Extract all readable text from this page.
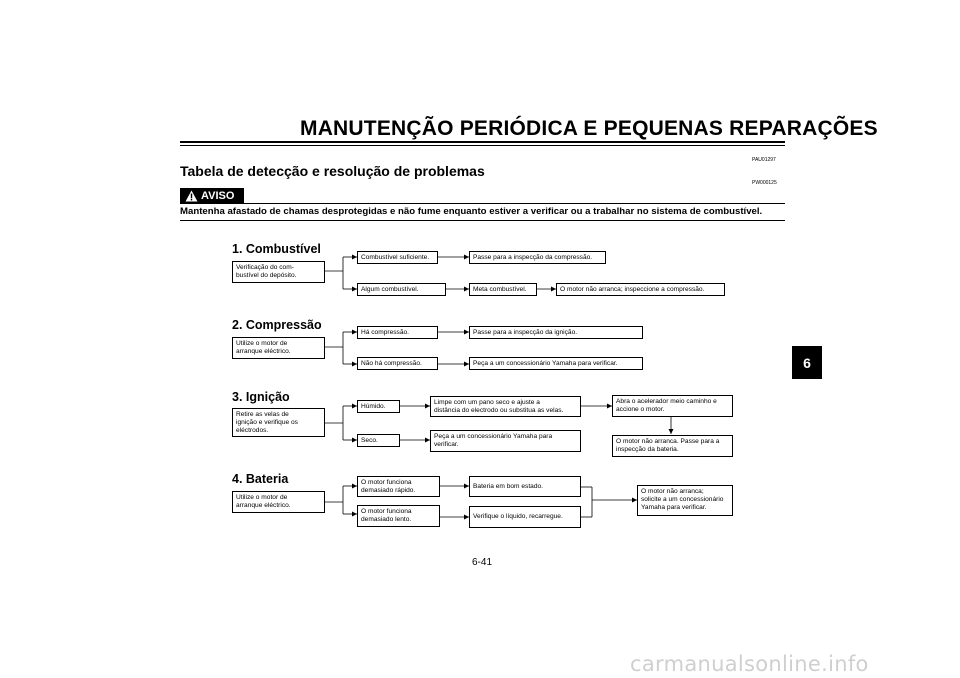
MANUTENÇÃO PERIÓDICA E PEQUENAS REPARAÇÕES
PAU01297
Tabela de detecção e resolução de problemas
PW000125
AVISO
Mantenha afastado de chamas desprotegidas e não fume enquanto estiver a verificar ou a trabalhar no sistema de combustível.
6
1. Combustível
Verificação do com-
bustível do depósito.
Combustível suficiente.	Passe para a inspecção da compressão.
Algum combustível.	Meta combustível.	O motor não arranca; inspeccione a compressão.
2. Compressão
Utilize o motor de
arranque eléctrico.
Há compressão.	Passe para a inspecção da ignição.
Não há compressão.	Peça a um concessionário Yamaha para verificar.
3. Ignição
Retire as velas de
ignição e verifique os
eléctrodos.
Húmido.	Limpe com um pano seco e ajuste a
distância do electrodo ou substitua as velas.
Abra o acelerador meio caminho e
accione o motor.
O motor não arranca. Passe para a
inspecção da bateria.
Seco.	Peça a um concessionário Yamaha para
verificar.
4. Bateria
Utilize o motor de
arranque eléctrico.
O motor funciona
demasiado rápido.
Bateria em bom estado.
O motor funciona
demasiado lento.	Verifique o líquido, recarregue.
O motor não arranca;
solicite a um concessionário
Yamaha para verificar.
6-41
carmanualsonline.info
